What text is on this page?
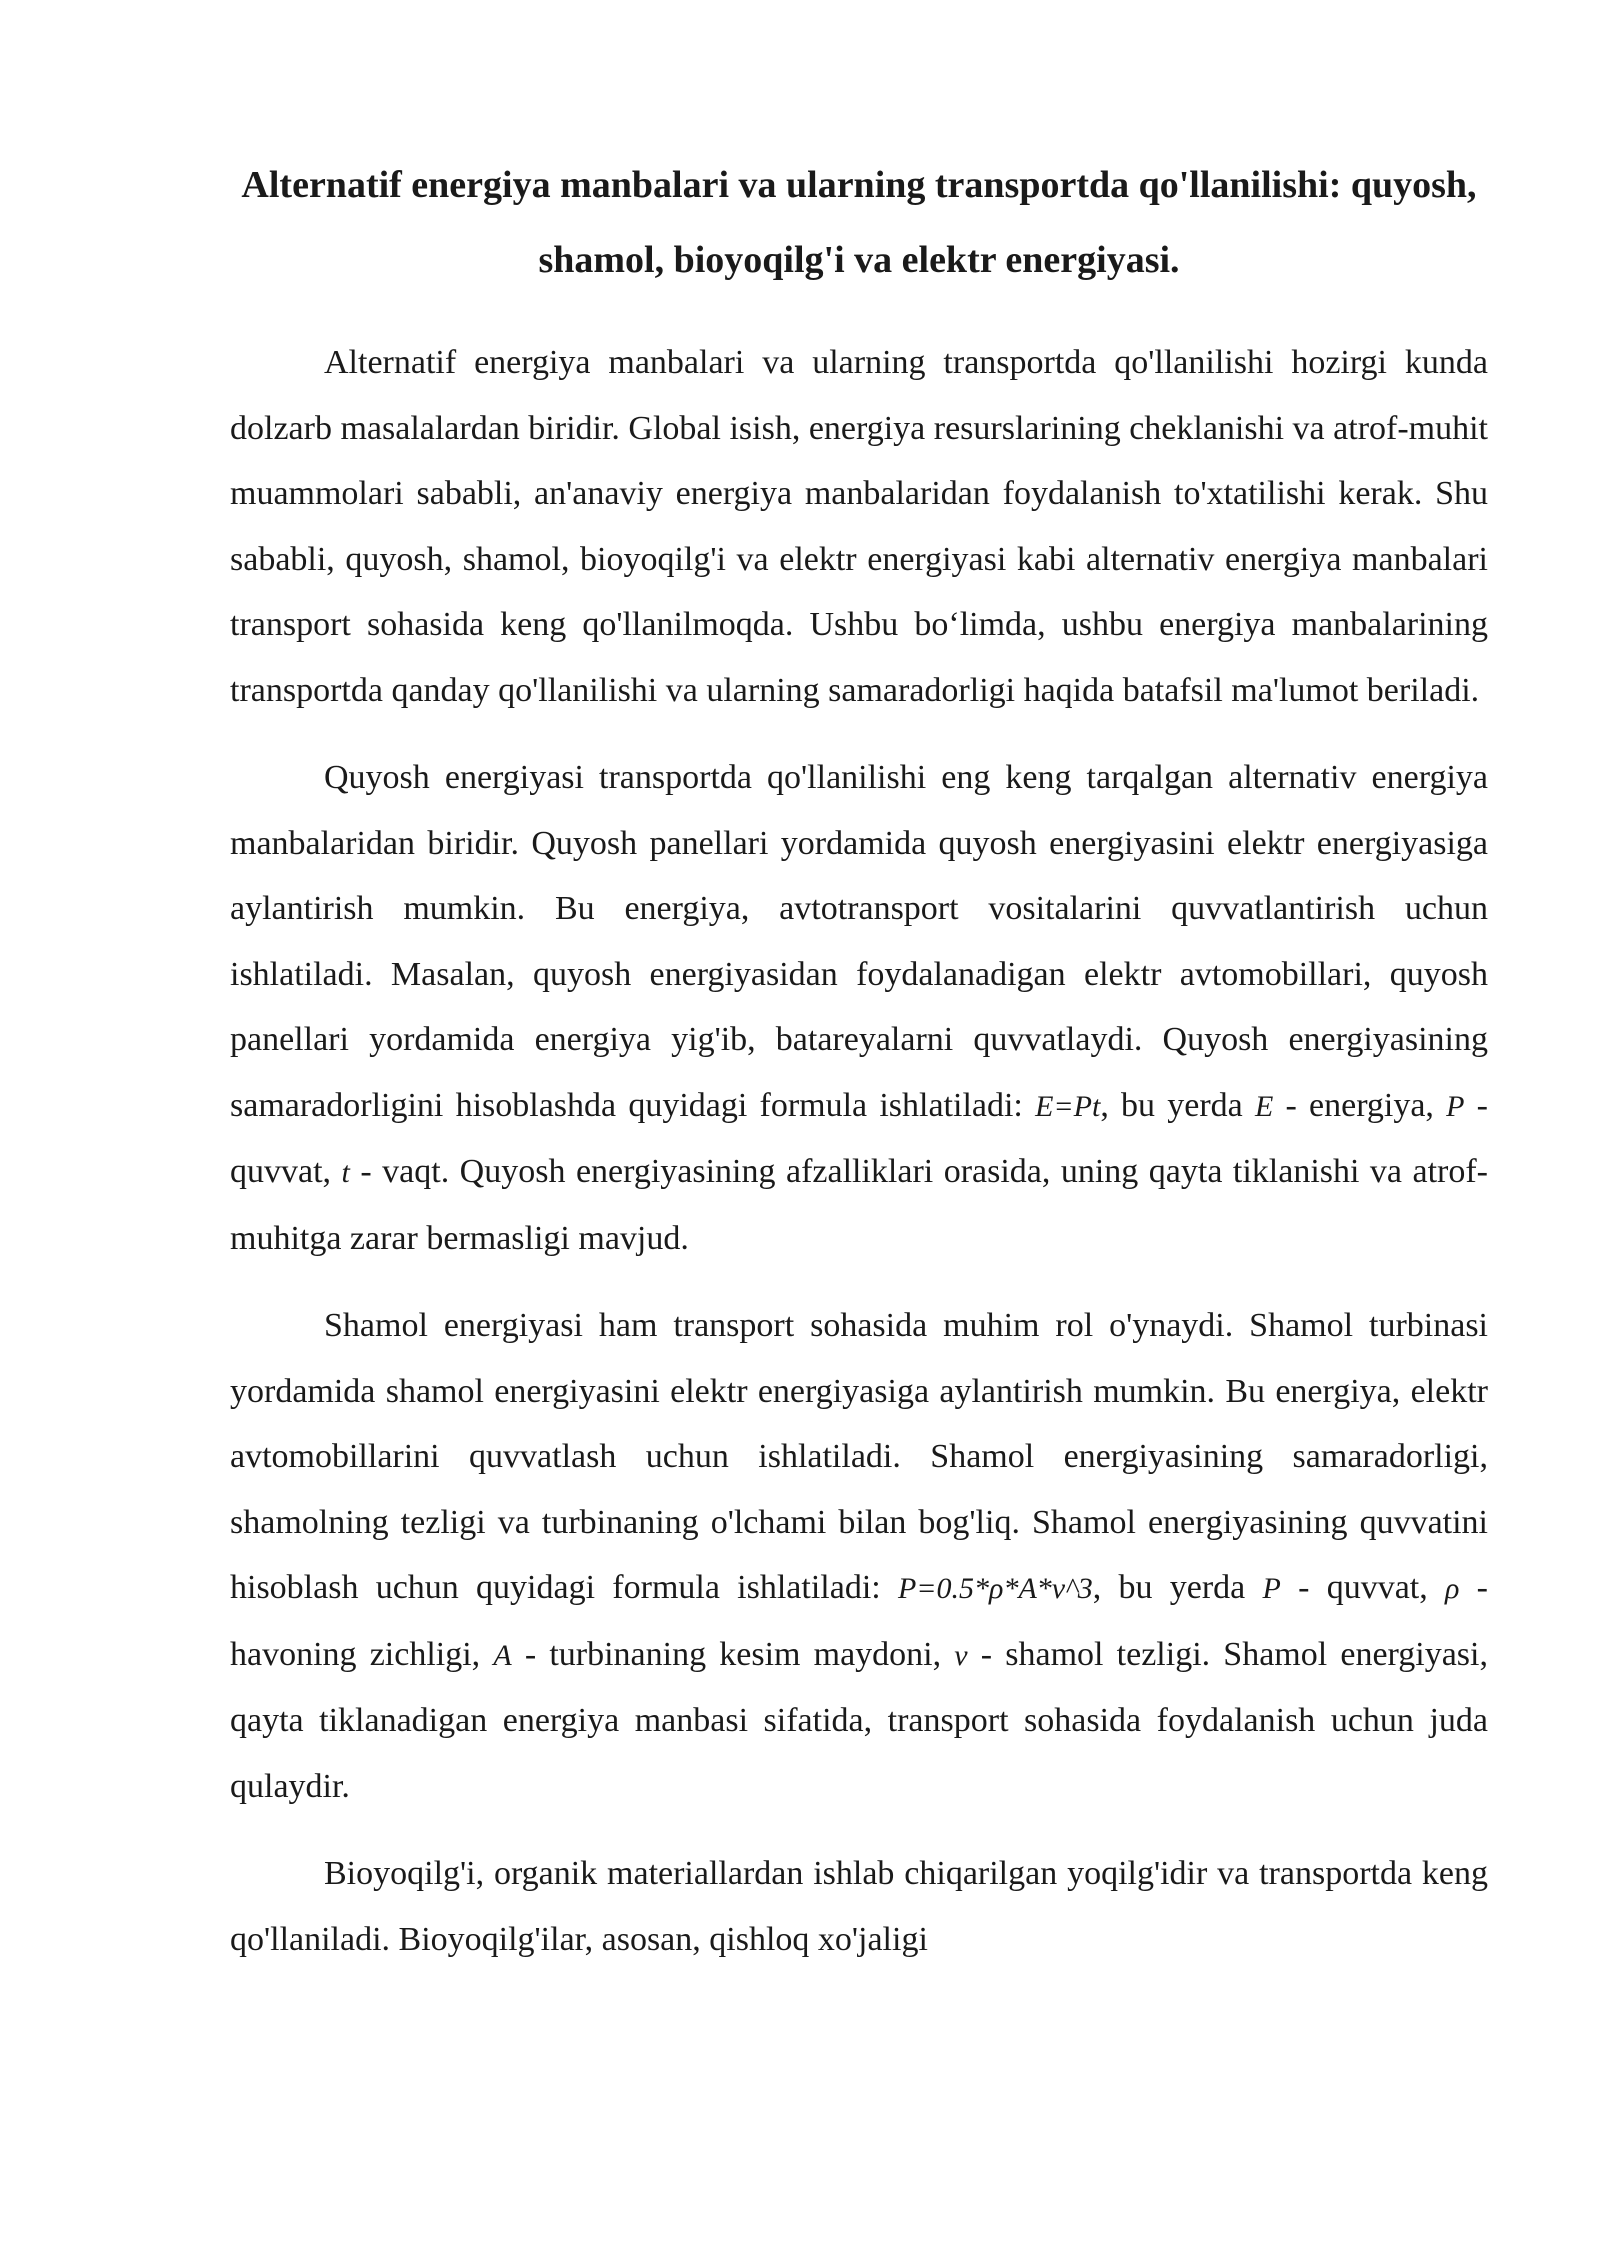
Alternatif energiya manbalari va ularning transportda qo'llanilishi: quyosh, shamol, bioyoqilg'i va elektr energiyasi.

Alternatif energiya manbalari va ularning transportda qo'llanilishi hozirgi kunda dolzarb masalalardan biridir. Global isish, energiya resurslarining cheklanishi va atrof-muhit muammolari sababli, an'anaviy energiya manbalaridan foydalanish to'xtatilishi kerak. Shu sababli, quyosh, shamol, bioyoqilg'i va elektr energiyasi kabi alternativ energiya manbalari transport sohasida keng qo'llanilmoqda. Ushbu bo‘limda, ushbu energiya manbalarining transportda qanday qo'llanilishi va ularning samaradorligi haqida batafsil ma'lumot beriladi.

Quyosh energiyasi transportda qo'llanilishi eng keng tarqalgan alternativ energiya manbalaridan biridir. Quyosh panellari yordamida quyosh energiyasini elektr energiyasiga aylantirish mumkin. Bu energiya, avtotransport vositalarini quvvatlantirish uchun ishlatiladi. Masalan, quyosh energiyasidan foydalanadigan elektr avtomobillari, quyosh panellari yordamida energiya yig'ib, batareyalarni quvvatlaydi. Quyosh energiyasining samaradorligini hisoblashda quyidagi formula ishlatiladi: E=Pt, bu yerda E - energiya, P - quvvat, t - vaqt. Quyosh energiyasining afzalliklari orasida, uning qayta tiklanishi va atrof-muhitga zarar bermasligi mavjud.

Shamol energiyasi ham transport sohasida muhim rol o'ynaydi. Shamol turbinasi yordamida shamol energiyasini elektr energiyasiga aylantirish mumkin. Bu energiya, elektr avtomobillarini quvvatlash uchun ishlatiladi. Shamol energiyasining samaradorligi, shamolning tezligi va turbinaning o'lchami bilan bog'liq. Shamol energiyasining quvvatini hisoblash uchun quyidagi formula ishlatiladi: P=0.5*ρ*A*v^3, bu yerda P - quvvat, ρ - havoning zichligi, A - turbinaning kesim maydoni, v - shamol tezligi. Shamol energiyasi, qayta tiklanadigan energiya manbasi sifatida, transport sohasida foydalanish uchun juda qulaydir.

Bioyoqilg'i, organik materiallardan ishlab chiqarilgan yoqilg'idir va transportda keng qo'llaniladi. Bioyoqilg'ilar, asosan, qishloq xo'jaligi
